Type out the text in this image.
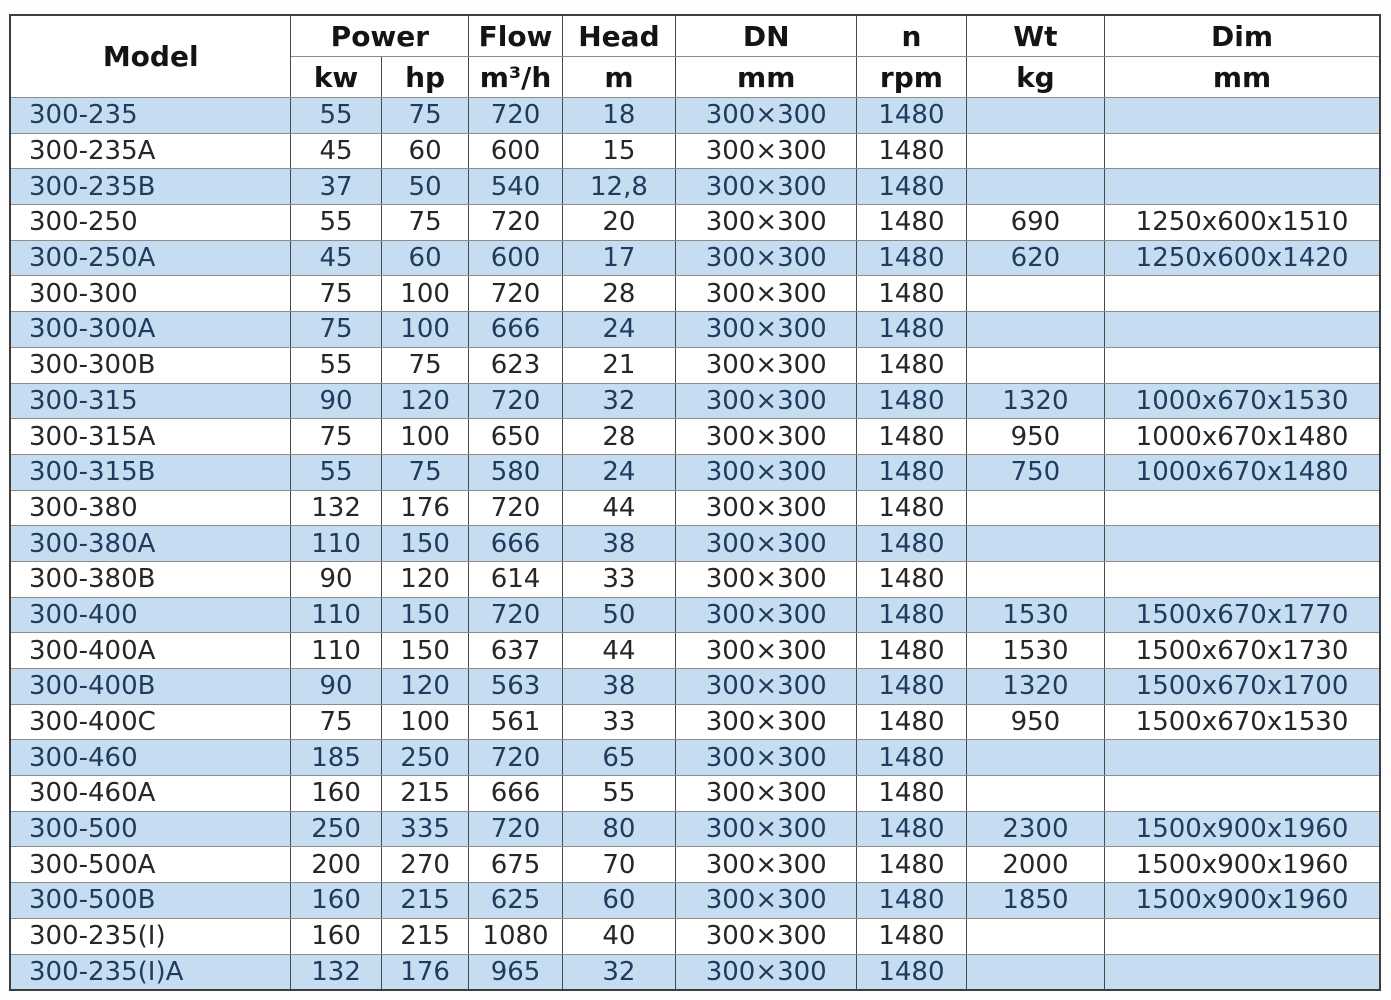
Model	Power		Flow	Head	DN	n	Wt	Dim
	kw	hp	m³/h	m	mm	rpm	kg	mm
300-235	55	75	720	18	300×300	1480		
300-235A	45	60	600	15	300×300	1480		
300-235B	37	50	540	12,8	300×300	1480		
300-250	55	75	720	20	300×300	1480	690	1250x600x1510
300-250A	45	60	600	17	300×300	1480	620	1250x600x1420
300-300	75	100	720	28	300×300	1480		
300-300A	75	100	666	24	300×300	1480		
300-300B	55	75	623	21	300×300	1480		
300-315	90	120	720	32	300×300	1480	1320	1000x670x1530
300-315A	75	100	650	28	300×300	1480	950	1000x670x1480
300-315B	55	75	580	24	300×300	1480	750	1000x670x1480
300-380	132	176	720	44	300×300	1480		
300-380A	110	150	666	38	300×300	1480		
300-380B	90	120	614	33	300×300	1480		
300-400	110	150	720	50	300×300	1480	1530	1500x670x1770
300-400A	110	150	637	44	300×300	1480	1530	1500x670x1730
300-400B	90	120	563	38	300×300	1480	1320	1500x670x1700
300-400C	75	100	561	33	300×300	1480	950	1500x670x1530
300-460	185	250	720	65	300×300	1480		
300-460A	160	215	666	55	300×300	1480		
300-500	250	335	720	80	300×300	1480	2300	1500x900x1960
300-500A	200	270	675	70	300×300	1480	2000	1500x900x1960
300-500B	160	215	625	60	300×300	1480	1850	1500x900x1960
300-235(I)	160	215	1080	40	300×300	1480		
300-235(I)A	132	176	965	32	300×300	1480		
